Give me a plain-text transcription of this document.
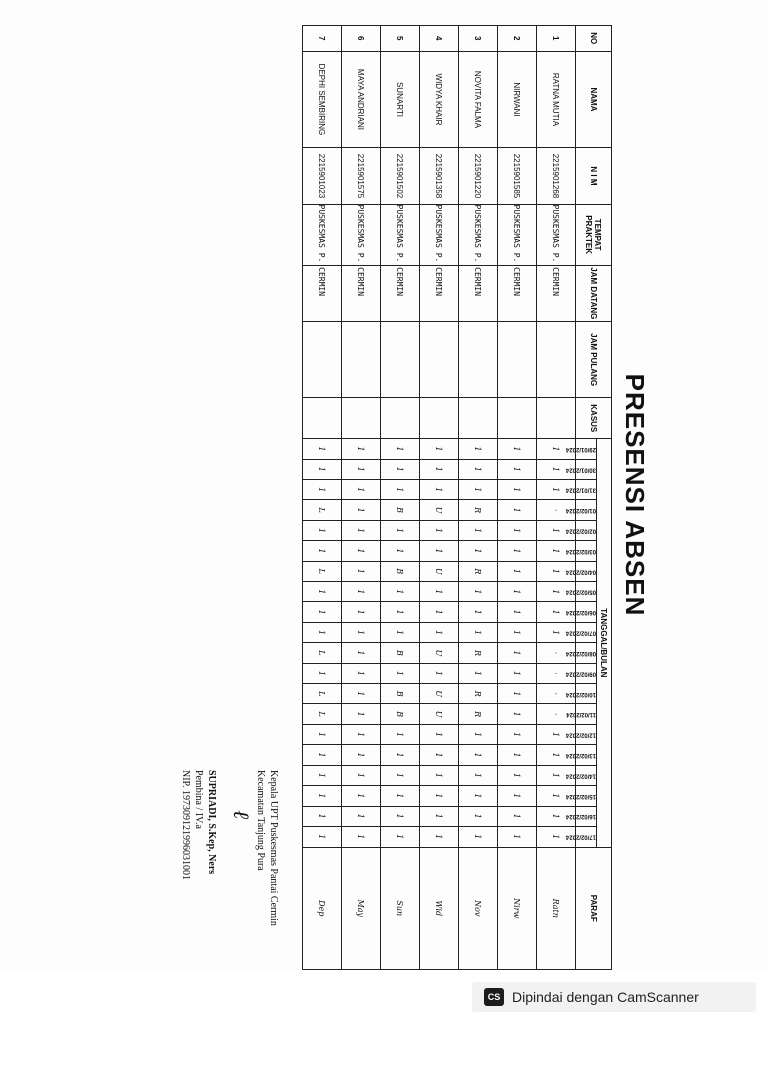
PRESENSI ABSEN
NO	NAMA	N I M	TEMPAT PRAKTEK	JAM DATANG	JAM PULANG	KASUS	TANGGAL/BULAN																				PARAF
							29/01/2024	30/01/2024	31/01/2024	01/02/2024	02/02/2024	03/02/2024	04/02/2024	05/02/2024	06/02/2024	07/02/2024	08/02/2024	09/02/2024	10/02/2024	11/02/2024	12/02/2024	13/02/2024	14/02/2024	15/02/2024	16/02/2024	17/02/2024	
1	RATNA MUTIA	2215901268	PUSKESMAS P. CERMIN				1	1	1	·	1	1	1	1	1	1	·	·	·	·	1	1	1	1	1	1	Ratn
2	NIRWANI	2215901585	PUSKESMAS P. CERMIN				1	1	1	1	1	1	1	1	1	1	1	1	1	1	1	1	1	1	1	1	Nirw
3	NOVITA FALMA	2215901220	PUSKESMAS P. CERMIN				1	1	1	R	1	1	R	1	1	1	R	1	R	R	1	1	1	1	1	1	Nov
4	WIDYA KHAIR	2215901358	PUSKESMAS P. CERMIN				1	1	1	U	1	1	U	1	1	1	U	1	U	U	1	1	1	1	1	1	Wid
5	SUNARTI	2215901502	PUSKESMAS P. CERMIN				1	1	1	B	1	1	B	1	1	1	B	1	B	B	1	1	1	1	1	1	Sun
6	MAYA ANDRIANI	2215901575	PUSKESMAS P. CERMIN				1	1	1	1	1	1	1	1	1	1	1	1	1	1	1	1	1	1	1	1	May
7	DEPHI SEMBIRING	2215901023	PUSKESMAS P. CERMIN				1	1	1	L	1	1	L	1	1	1	L	1	L	L	1	1	1	1	1	1	Dep
Kepala UPT Puskesmas Pantai Cermin
Kecamatan Tanjung Pura
ℓ
SUPRIADI, S.Kep, Ners
Pembina / IV.a
NIP. 197309121996031001
CS Dipindai dengan CamScanner
